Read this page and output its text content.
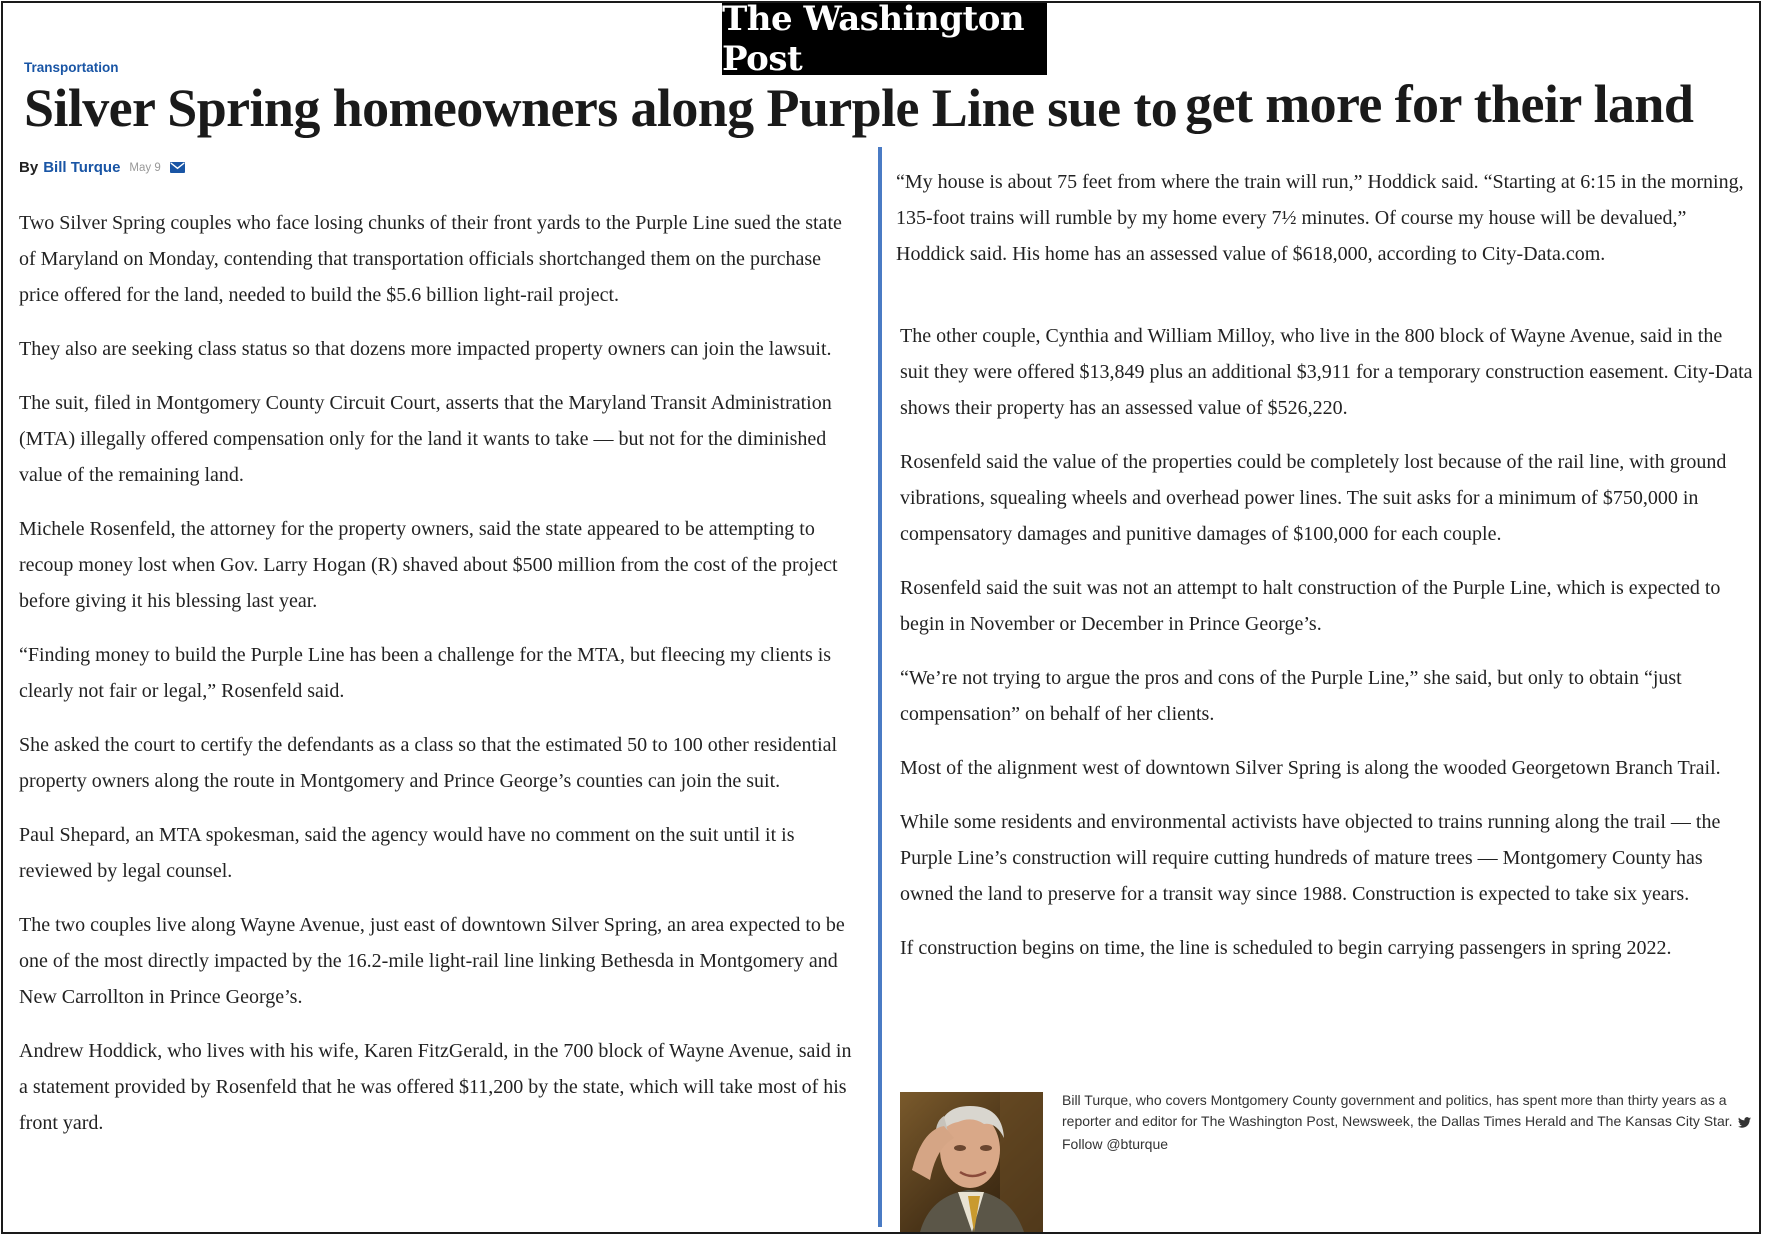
The Washington Post
Transportation
Silver Spring homeowners along Purple Line sue to get more for their land
By Bill Turque May 9

Two Silver Spring couples who face losing chunks of their front yards to the Purple Line sued the state of Maryland on Monday, contending that transportation officials shortchanged them on the purchase price offered for the land, needed to build the $5.6 billion light-rail project.

They also are seeking class status so that dozens more impacted property owners can join the lawsuit.

The suit, filed in Montgomery County Circuit Court, asserts that the Maryland Transit Administration (MTA) illegally offered compensation only for the land it wants to take — but not for the diminished value of the remaining land.

Michele Rosenfeld, the attorney for the property owners, said the state appeared to be attempting to recoup money lost when Gov. Larry Hogan (R) shaved about $500 million from the cost of the project before giving it his blessing last year.

“Finding money to build the Purple Line has been a challenge for the MTA, but fleecing my clients is clearly not fair or legal,” Rosenfeld said.

She asked the court to certify the defendants as a class so that the estimated 50 to 100 other residential property owners along the route in Montgomery and Prince George’s counties can join the suit.

Paul Shepard, an MTA spokesman, said the agency would have no comment on the suit until it is reviewed by legal counsel.

The two couples live along Wayne Avenue, just east of downtown Silver Spring, an area expected to be one of the most directly impacted by the 16.2-mile light-rail line linking Bethesda in Montgomery and New Carrollton in Prince George’s.

Andrew Hoddick, who lives with his wife, Karen FitzGerald, in the 700 block of Wayne Avenue, said in a statement provided by Rosenfeld that he was offered $11,200 by the state, which will take most of his front yard.

“My house is about 75 feet from where the train will run,” Hoddick said. “Starting at 6:15 in the morning, 135-foot trains will rumble by my home every 7½ minutes. Of course my house will be devalued,” Hoddick said. His home has an assessed value of $618,000, according to City-Data.com.

The other couple, Cynthia and William Milloy, who live in the 800 block of Wayne Avenue, said in the suit they were offered $13,849 plus an additional $3,911 for a temporary construction easement. City-Data shows their property has an assessed value of $526,220.

Rosenfeld said the value of the properties could be completely lost because of the rail line, with ground vibrations, squealing wheels and overhead power lines. The suit asks for a minimum of $750,000 in compensatory damages and punitive damages of $100,000 for each couple.

Rosenfeld said the suit was not an attempt to halt construction of the Purple Line, which is expected to begin in November or December in Prince George’s.

“We’re not trying to argue the pros and cons of the Purple Line,” she said, but only to obtain “just compensation” on behalf of her clients.

Most of the alignment west of downtown Silver Spring is along the wooded Georgetown Branch Trail.

While some residents and environmental activists have objected to trains running along the trail — the Purple Line’s construction will require cutting hundreds of mature trees — Montgomery County has owned the land to preserve for a transit way since 1988. Construction is expected to take six years.

If construction begins on time, the line is scheduled to begin carrying passengers in spring 2022.

Bill Turque, who covers Montgomery County government and politics, has spent more than thirty years as a reporter and editor for The Washington Post, Newsweek, the Dallas Times Herald and The Kansas City Star.  Follow @bturque
